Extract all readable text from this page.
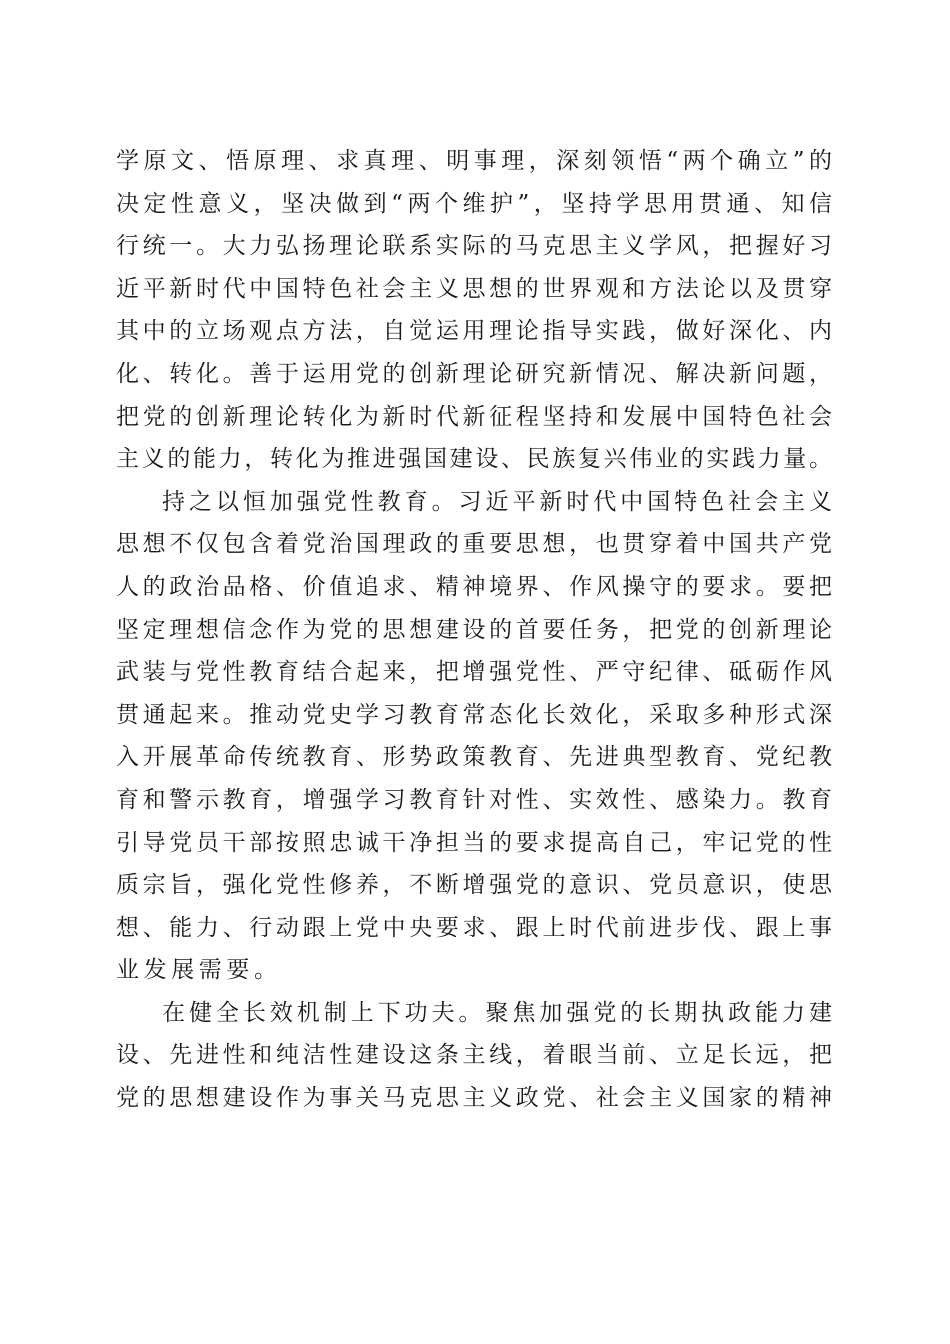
学原文、悟原理、求真理、明事理，深刻领悟“两个确立”的
决定性意义，坚决做到“两个维护”，坚持学思用贯通、知信
行统一。大力弘扬理论联系实际的马克思主义学风，把握好习
近平新时代中国特色社会主义思想的世界观和方法论以及贯穿
其中的立场观点方法，自觉运用理论指导实践，做好深化、内
化、转化。善于运用党的创新理论研究新情况、解决新问题，
把党的创新理论转化为新时代新征程坚持和发展中国特色社会
主义的能力，转化为推进强国建设、民族复兴伟业的实践力量。
持之以恒加强党性教育。习近平新时代中国特色社会主义
思想不仅包含着党治国理政的重要思想，也贯穿着中国共产党
人的政治品格、价值追求、精神境界、作风操守的要求。要把
坚定理想信念作为党的思想建设的首要任务，把党的创新理论
武装与党性教育结合起来，把增强党性、严守纪律、砥砺作风
贯通起来。推动党史学习教育常态化长效化，采取多种形式深
入开展革命传统教育、形势政策教育、先进典型教育、党纪教
育和警示教育，增强学习教育针对性、实效性、感染力。教育
引导党员干部按照忠诚干净担当的要求提高自己，牢记党的性
质宗旨，强化党性修养，不断增强党的意识、党员意识，使思
想、能力、行动跟上党中央要求、跟上时代前进步伐、跟上事
业发展需要。
在健全长效机制上下功夫。聚焦加强党的长期执政能力建
设、先进性和纯洁性建设这条主线，着眼当前、立足长远，把
党的思想建设作为事关马克思主义政党、社会主义国家的精神
